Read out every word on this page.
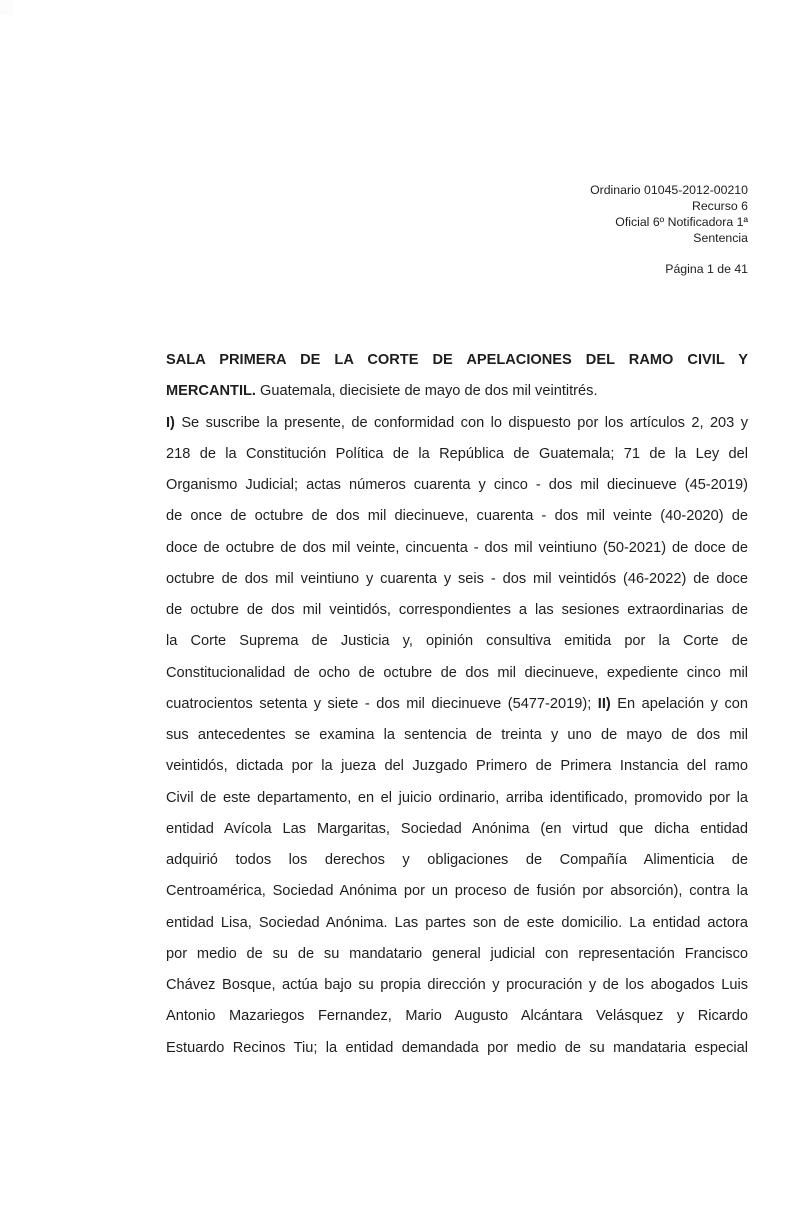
Ordinario 01045-2012-00210
Recurso 6
Oficial 6º Notificadora 1ª
Sentencia
Página 1 de 41
SALA PRIMERA DE LA CORTE DE APELACIONES DEL RAMO CIVIL Y
MERCANTIL. Guatemala, diecisiete de mayo de dos mil veintitrés.
I) Se suscribe la presente, de conformidad con lo dispuesto por los artículos 2, 203 y
218 de la Constitución Política de la República de Guatemala; 71 de la Ley del
Organismo Judicial; actas números cuarenta y cinco - dos mil diecinueve (45-2019)
de once de octubre de dos mil diecinueve, cuarenta - dos mil veinte (40-2020) de
doce de octubre de dos mil veinte, cincuenta - dos mil veintiuno (50-2021) de doce de
octubre de dos mil veintiuno y cuarenta y seis - dos mil veintidós (46-2022) de doce
de octubre de dos mil veintidós, correspondientes a las sesiones extraordinarias de
la Corte Suprema de Justicia y, opinión consultiva emitida por la Corte de
Constitucionalidad de ocho de octubre de dos mil diecinueve, expediente cinco mil
cuatrocientos setenta y siete - dos mil diecinueve (5477-2019); II) En apelación y con
sus antecedentes se examina la sentencia de treinta y uno de mayo de dos mil
veintidós, dictada por la jueza del Juzgado Primero de Primera Instancia del ramo
Civil de este departamento, en el juicio ordinario, arriba identificado, promovido por la
entidad Avícola Las Margaritas, Sociedad Anónima (en virtud que dicha entidad
adquirió todos los derechos y obligaciones de Compañía Alimenticia de
Centroamérica, Sociedad Anónima por un proceso de fusión por absorción), contra la
entidad Lisa, Sociedad Anónima. Las partes son de este domicilio. La entidad actora
por medio de su de su mandatario general judicial con representación Francisco
Chávez Bosque, actúa bajo su propia dirección y procuración y de los abogados Luis
Antonio Mazariegos Fernandez, Mario Augusto Alcántara Velásquez y Ricardo
Estuardo Recinos Tiu; la entidad demandada por medio de su mandataria especial
